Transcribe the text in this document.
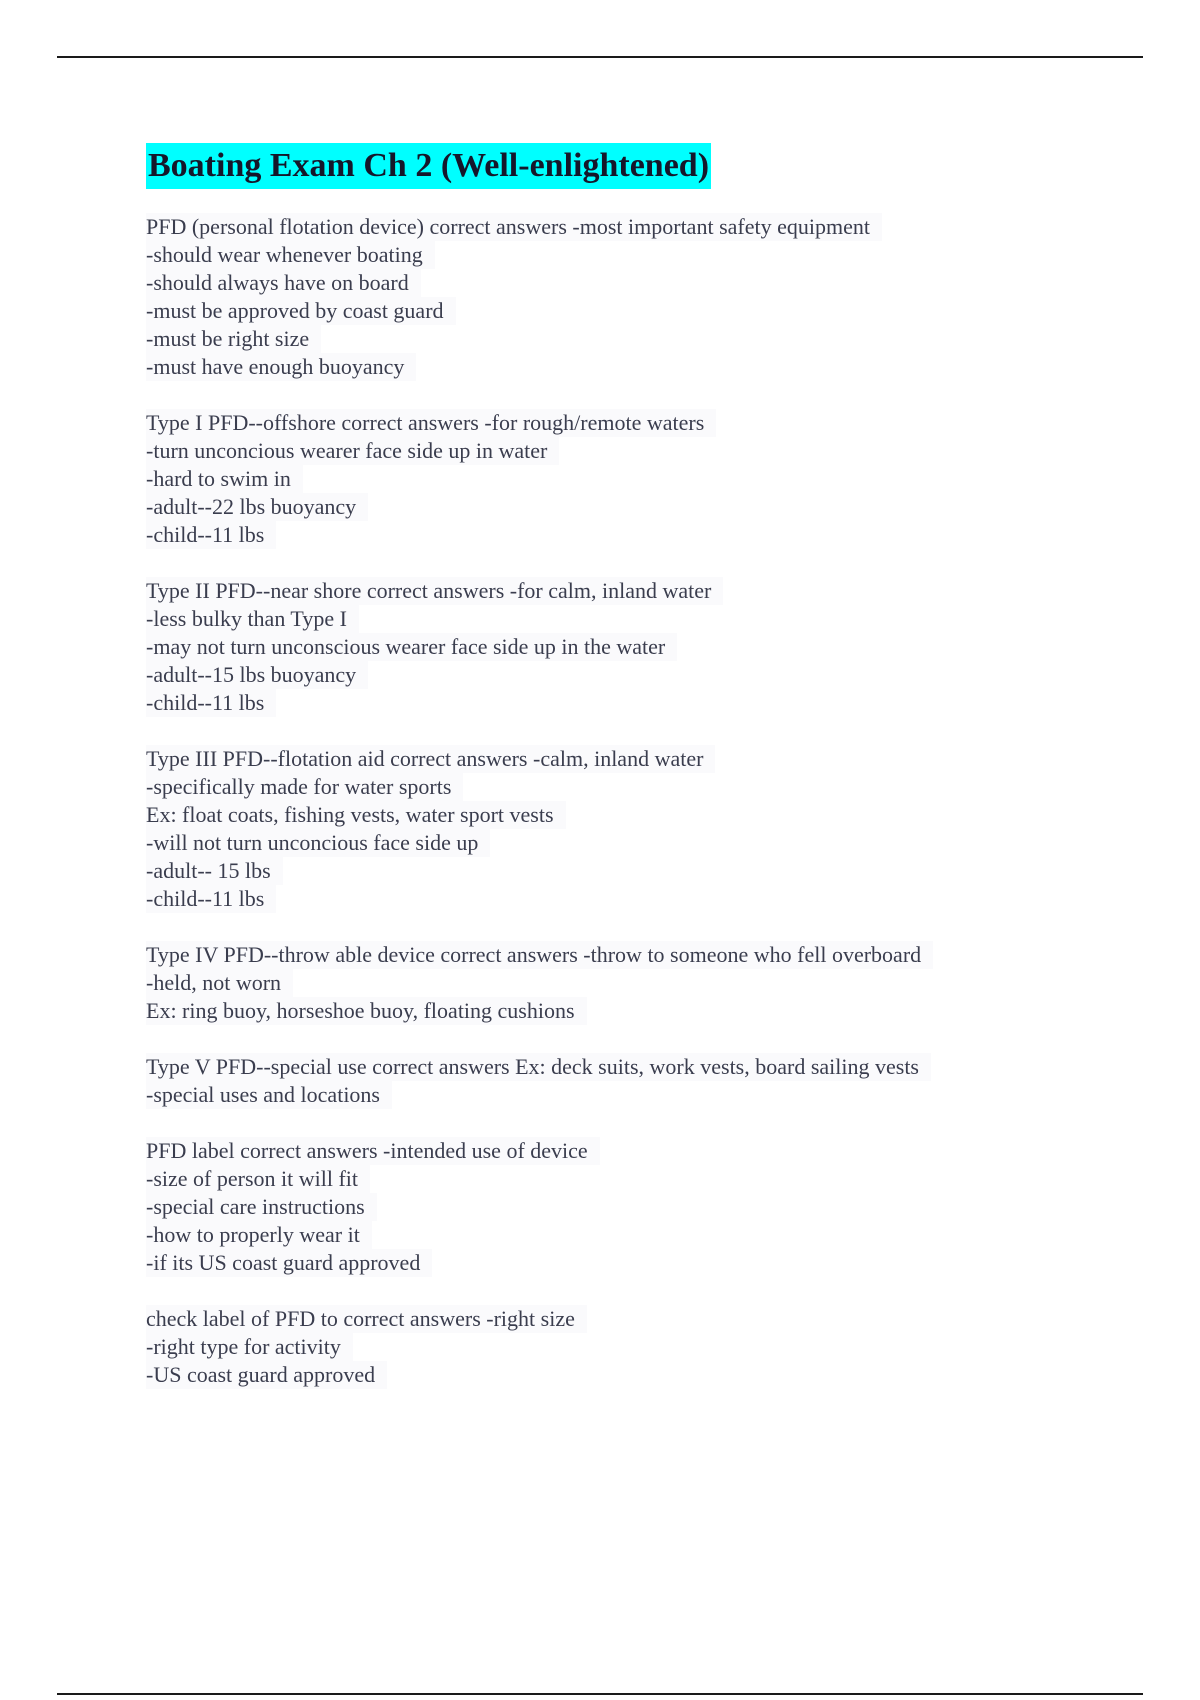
Boating Exam Ch 2 (Well-enlightened)
PFD (personal flotation device) correct answers -most important safety equipment
-should wear whenever boating
-should always have on board
-must be approved by coast guard
-must be right size
-must have enough buoyancy
Type I PFD--offshore correct answers -for rough/remote waters
-turn unconcious wearer face side up in water
-hard to swim in
-adult--22 lbs buoyancy
-child--11 lbs
Type II PFD--near shore correct answers -for calm, inland water
-less bulky than Type I
-may not turn unconscious wearer face side up in the water
-adult--15 lbs buoyancy
-child--11 lbs
Type III PFD--flotation aid correct answers -calm, inland water
-specifically made for water sports
Ex: float coats, fishing vests, water sport vests
-will not turn unconcious face side up
-adult-- 15 lbs
-child--11 lbs
Type IV PFD--throw able device correct answers -throw to someone who fell overboard
-held, not worn
Ex: ring buoy, horseshoe buoy, floating cushions
Type V PFD--special use correct answers Ex: deck suits, work vests, board sailing vests
-special uses and locations
PFD label correct answers -intended use of device
-size of person it will fit
-special care instructions
-how to properly wear it
-if its US coast guard approved
check label of PFD to correct answers -right size
-right type for activity
-US coast guard approved
